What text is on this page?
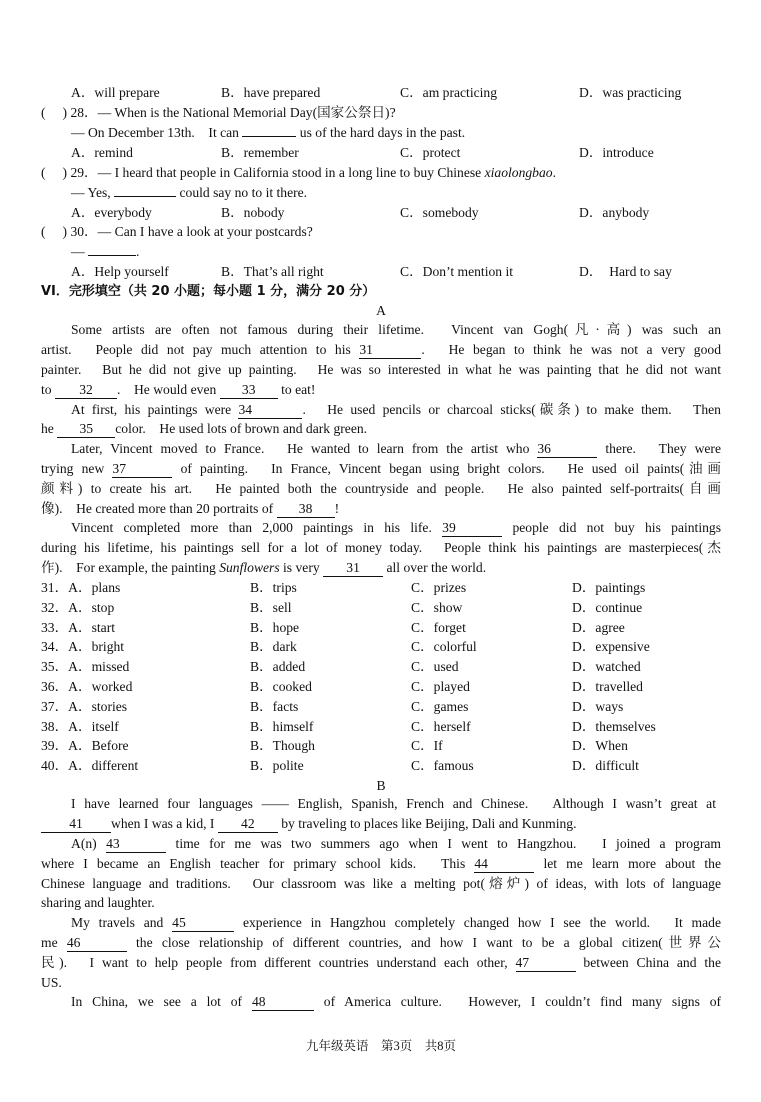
A．will prepare	B．have prepared	C．am practicing	D．was practicing
(　 ) 28．— When is the National Memorial Day(国家公祭日)?
— On December 13th.　It can	us of the hard days in the past.
A．remind	B．remember	C．protect	D．introduce
(　 ) 29．— I heard that people in California stood in a long line to buy Chinese xiaolongbao.
— Yes,	could say no to it there.
A．everybody	B．nobody	C．somebody	D．anybody
(　 ) 30．— Can I have a look at your postcards?
—	.
A．Help yourself	B．That’s all right	C．Don’t mention it	D．　Hard to say
VI．完形填空（共 20 小题；每小题 1 分，满分 20 分）
A
Some artists are often not famous during their lifetime.　Vincent van Gogh(凡·高) was such an
artist.　People did not pay much attention to his 31	.　He began to think he was not a very good
painter.　But he did not give up painting.　He was so interested in what he was painting that he did not want
to 32 .　He would even 33 to eat!
At first, his paintings were 34	.　He used pencils or charcoal sticks(碳条) to make them.　Then
he 35 color.　He used lots of brown and dark green.
Later, Vincent moved to France.　He wanted to learn from the artist who 36	there.　They were
trying new 37	of painting.　In France, Vincent began using bright colors.　He used oil paints(油画
颜料) to create his art.　He painted both the countryside and people.　He also painted self-portraits(自画
像).　He created more than 20 portraits of 38 !
Vincent completed more than 2,000 paintings in his life. 39	people did not buy his paintings
during his lifetime, his paintings sell for a lot of money today.　People think his paintings are masterpieces(杰
作).　For example, the painting Sunflowers is very 31 all over the world.
31．A．plans	B．trips	C．prizes	D．paintings
32．A．stop	B．sell	C．show	D．continue
33．A．start	B．hope	C．forget	D．agree
34．A．bright	B．dark	C．colorful	D．expensive
35．A．missed	B．added	C．used	D．watched
36．A．worked	B．cooked	C．played	D．travelled
37．A．stories	B．facts	C．games	D．ways
38．A．itself	B．himself	C．herself	D．themselves
39．A．Before	B．Though	C．If	D．When
40．A．different	B．polite	C．famous	D．difficult
B
I have learned four languages —— English, Spanish, French and Chinese.　Although I wasn’t great at
41 when I was a kid, I 42 by traveling to places like Beijing, Dali and Kunming.
A(n) 43	time for me was two summers ago when I went to Hangzhou.　I joined a program
where I became an English teacher for primary school kids.　This 44	let me learn more about the
Chinese language and traditions.　Our classroom was like a melting pot(熔炉) of ideas, with lots of language
sharing and laughter.
My travels and 45	experience in Hangzhou completely changed how I see the world.　It made
me 46	the close relationship of different countries, and how I want to be a global citizen(世界公
民).　I want to help people from different countries understand each other, 47	between China and the
US.
In China, we see a lot of 48	of America culture.　However, I couldn’t find many signs of
九年级英语　第3页　共8页
